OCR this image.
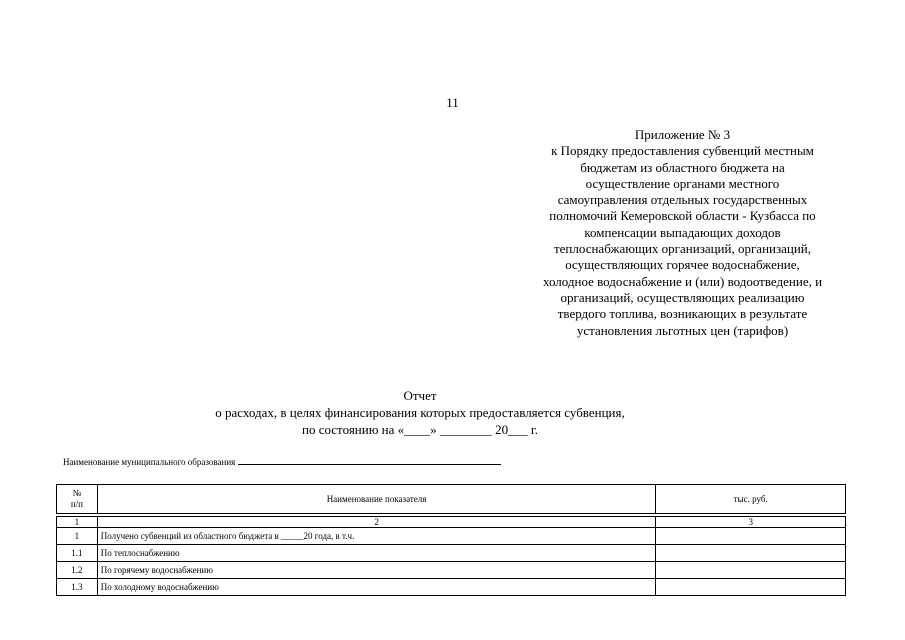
11
Приложение № 3
к Порядку предоставления субвенций местным
бюджетам из областного бюджета на
осуществление органами местного
самоуправления отдельных государственных
полномочий Кемеровской области - Кузбасса по
компенсации выпадающих доходов
теплоснабжающих организаций, организаций,
осуществляющих горячее водоснабжение,
холодное водоснабжение и (или) водоотведение, и
организаций, осуществляющих реализацию
твердого топлива, возникающих в результате
установления льготных цен (тарифов)
Отчет
о расходах, в целях финансирования которых предоставляется субвенция,
по состоянию на «____» ________ 20___ г.
Наименование муниципального образования
№
п/п	Наименование показателя	тыс. руб.

1	2	3
1	Получено субвенций из областного бюджета в _____20 года, в т.ч.	
1.1	По теплоснабжению	
1.2	По горячему водоснабжению	
1.3	По холодному водоснабжению	
